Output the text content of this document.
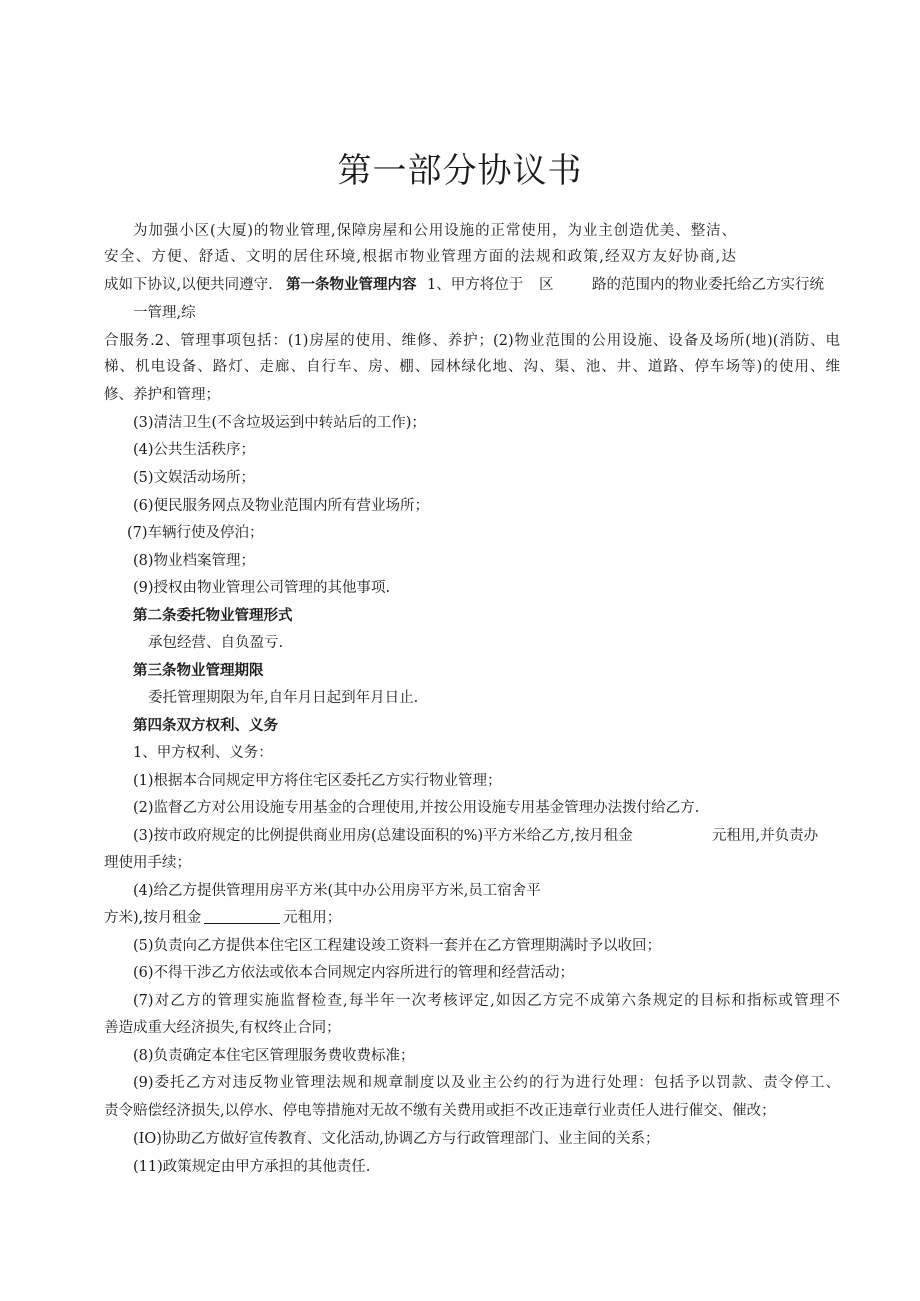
第一部分协议书
为加强小区(大厦)的物业管理,保障房屋和公用设施的正常使用，为业主创造优美、整洁、
安全、方便、舒适、文明的居住环境,根据市物业管理方面的法规和政策,经双方友好协商,达
成如下协议,以便共同遵守. 第一条物业管理内容 1、甲方将位于 区	路的范围内的物业委托给乙方实行统
一管理,综
合服务.2、管理事项包括：(1)房屋的使用、维修、养护；(2)物业范围的公用设施、设备及场所(地)(消防、电
梯、机电设备、路灯、走廊、自行车、房、棚、园林绿化地、沟、渠、池、井、道路、停车场等)的使用、维
修、养护和管理；
(3)清洁卫生(不含垃圾运到中转站后的工作)；
(4)公共生活秩序；
(5)文娱活动场所；
(6)便民服务网点及物业范围内所有营业场所；
(7)车辆行使及停泊；
(8)物业档案管理；
(9)授权由物业管理公司管理的其他事项.
第二条委托物业管理形式
承包经营、自负盈亏.
第三条物业管理期限
委托管理期限为年,自年月日起到年月日止.
第四条双方权利、义务
1、甲方权利、义务：
(1)根据本合同规定甲方将住宅区委托乙方实行物业管理；
(2)监督乙方对公用设施专用基金的合理使用,并按公用设施专用基金管理办法拨付给乙方.
(3)按市政府规定的比例提供商业用房(总建设面积的%)平方米给乙方,按月租金	元租用,并负责办
理使用手续；
(4)给乙方提供管理用房平方米(其中办公用房平方米,员工宿舍平
方米),按月租金	元租用；
(5)负责向乙方提供本住宅区工程建设竣工资料一套并在乙方管理期满时予以收回；
(6)不得干涉乙方依法或依本合同规定内容所进行的管理和经营活动；
(7)对乙方的管理实施监督检查,每半年一次考核评定,如因乙方完不成第六条规定的目标和指标或管理不
善造成重大经济损失,有权终止合同；
(8)负责确定本住宅区管理服务费收费标准；
(9)委托乙方对违反物业管理法规和规章制度以及业主公约的行为进行处理：包括予以罚款、责令停工、
责令赔偿经济损失,以停水、停电等措施对无故不缴有关费用或拒不改正违章行业责任人进行催交、催改；
(IO)协助乙方做好宣传教育、文化活动,协调乙方与行政管理部门、业主间的关系；
(11)政策规定由甲方承担的其他责任.
